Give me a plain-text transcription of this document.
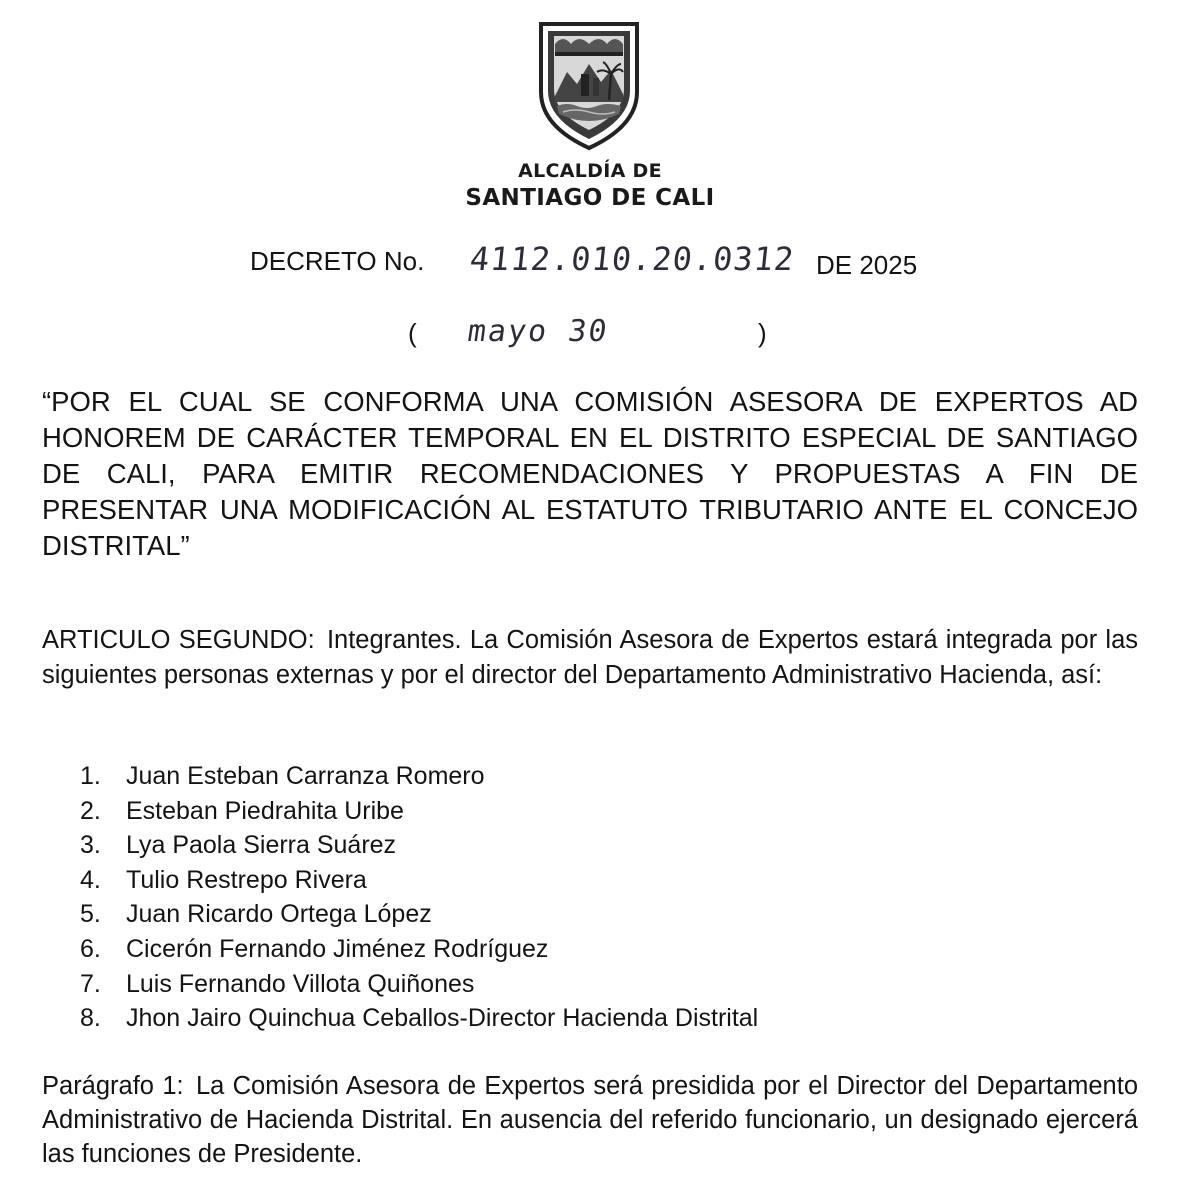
ALCALDÍA DE
SANTIAGO DE CALI
DECRETO No. 4112.010.20.0312 DE 2025
( mayo 30	)
“POR EL CUAL SE CONFORMA UNA COMISIÓN ASESORA DE EXPERTOS AD HONOREM DE CARÁCTER TEMPORAL EN EL DISTRITO ESPECIAL DE SANTIAGO DE CALI, PARA EMITIR RECOMENDACIONES Y PROPUESTAS A FIN DE PRESENTAR UNA MODIFICACIÓN AL ESTATUTO TRIBUTARIO ANTE EL CONCEJO DISTRITAL”
ARTICULO SEGUNDO: Integrantes. La Comisión Asesora de Expertos estará integrada por las siguientes personas externas y por el director del Departamento Administrativo Hacienda, así:
1.	Juan Esteban Carranza Romero
2.	Esteban Piedrahita Uribe
3.	Lya Paola Sierra Suárez
4.	Tulio Restrepo Rivera
5.	Juan Ricardo Ortega López
6.	Cicerón Fernando Jiménez Rodríguez
7.	Luis Fernando Villota Quiñones
8.	Jhon Jairo Quinchua Ceballos-Director Hacienda Distrital
Parágrafo 1: La Comisión Asesora de Expertos será presidida por el Director del Departamento Administrativo de Hacienda Distrital. En ausencia del referido funcionario, un designado ejercerá las funciones de Presidente.
